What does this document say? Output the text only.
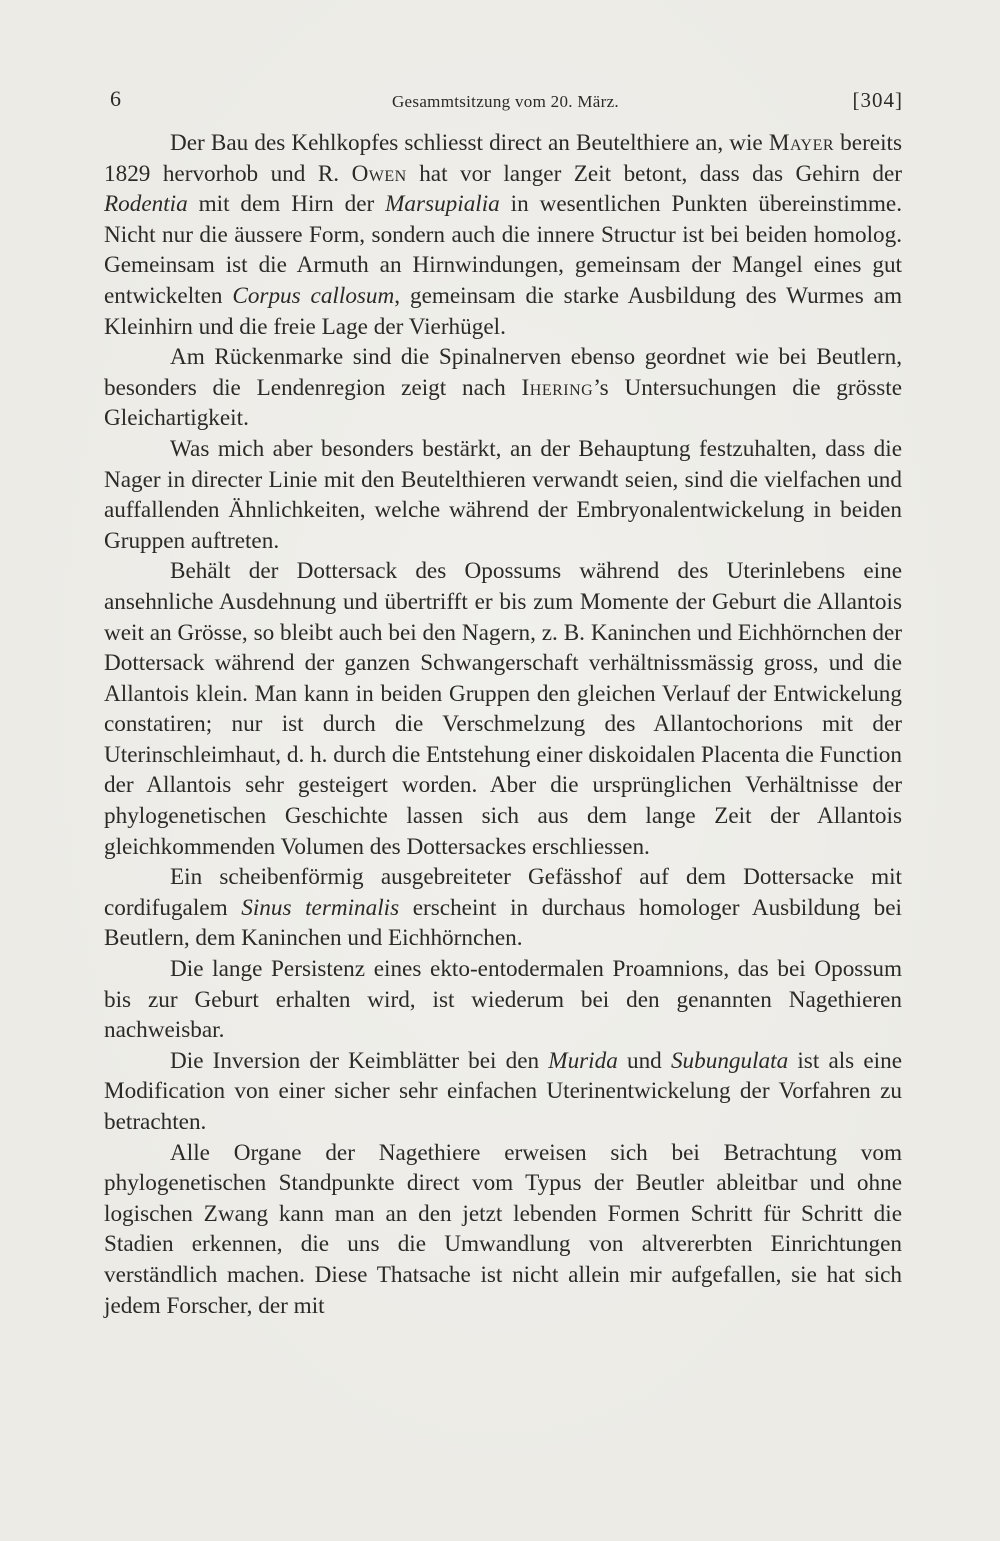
6	Gesammtsitzung vom 20. März.	[304]

Der Bau des Kehlkopfes schliesst direct an Beutelthiere an, wie Mayer bereits 1829 hervorhob und R. Owen hat vor langer Zeit betont, dass das Gehirn der Rodentia mit dem Hirn der Marsupialia in wesentlichen Punkten übereinstimme. Nicht nur die äussere Form, sondern auch die innere Structur ist bei beiden homolog. Gemeinsam ist die Armuth an Hirnwindungen, gemeinsam der Mangel eines gut entwickelten Corpus callosum, gemeinsam die starke Ausbildung des Wurmes am Kleinhirn und die freie Lage der Vierhügel.

Am Rückenmarke sind die Spinalnerven ebenso geordnet wie bei Beutlern, besonders die Lendenregion zeigt nach Ihering’s Untersuchungen die grösste Gleichartigkeit.

Was mich aber besonders bestärkt, an der Behauptung festzuhalten, dass die Nager in directer Linie mit den Beutelthieren verwandt seien, sind die vielfachen und auffallenden Ähnlichkeiten, welche während der Embryonalentwickelung in beiden Gruppen auftreten.

Behält der Dottersack des Opossums während des Uterinlebens eine ansehnliche Ausdehnung und übertrifft er bis zum Momente der Geburt die Allantois weit an Grösse, so bleibt auch bei den Nagern, z. B. Kaninchen und Eichhörnchen der Dottersack während der ganzen Schwangerschaft verhältnissmässig gross, und die Allantois klein. Man kann in beiden Gruppen den gleichen Verlauf der Entwickelung constatiren; nur ist durch die Verschmelzung des Allantochorions mit der Uterinschleimhaut, d. h. durch die Entstehung einer diskoidalen Placenta die Function der Allantois sehr gesteigert worden. Aber die ursprünglichen Verhältnisse der phylogenetischen Geschichte lassen sich aus dem lange Zeit der Allantois gleichkommenden Volumen des Dottersackes erschliessen.

Ein scheibenförmig ausgebreiteter Gefässhof auf dem Dottersacke mit cordifugalem Sinus terminalis erscheint in durchaus homologer Ausbildung bei Beutlern, dem Kaninchen und Eichhörnchen.

Die lange Persistenz eines ekto-entodermalen Proamnions, das bei Opossum bis zur Geburt erhalten wird, ist wiederum bei den genannten Nagethieren nachweisbar.

Die Inversion der Keimblätter bei den Murida und Subungulata ist als eine Modification von einer sicher sehr einfachen Uterinentwickelung der Vorfahren zu betrachten.

Alle Organe der Nagethiere erweisen sich bei Betrachtung vom phylogenetischen Standpunkte direct vom Typus der Beutler ableitbar und ohne logischen Zwang kann man an den jetzt lebenden Formen Schritt für Schritt die Stadien erkennen, die uns die Umwandlung von altvererbten Einrichtungen verständlich machen. Diese Thatsache ist nicht allein mir aufgefallen, sie hat sich jedem Forscher, der mit
